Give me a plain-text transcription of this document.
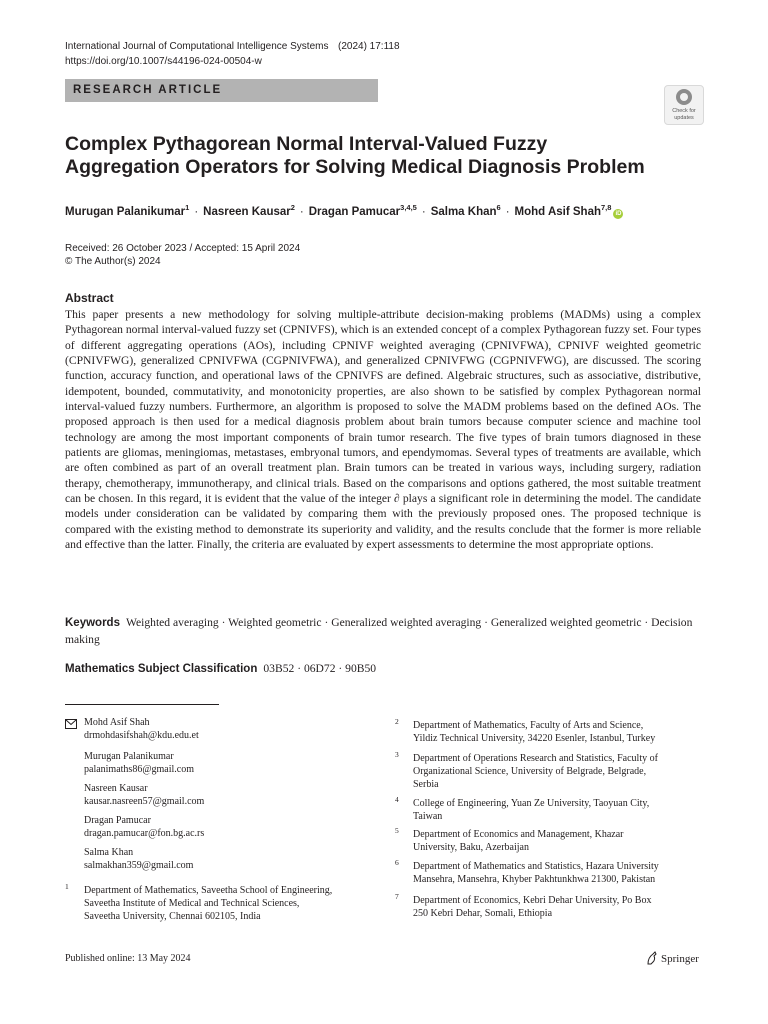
International Journal of Computational Intelligence Systems (2024) 17:118
https://doi.org/10.1007/s44196-024-00504-w
RESEARCH ARTICLE
Check for
updates
Complex Pythagorean Normal Interval-Valued Fuzzy Aggregation Operators for Solving Medical Diagnosis Problem
Murugan Palanikumar$^1$ · Nasreen Kausar$^2$ · Dragan Pamucar$^{3,4,5}$ · Salma Khan$^6$ · Mohd Asif Shah$^{7,8}$iD
Received: 26 October 2023 / Accepted: 15 April 2024
© The Author(s) 2024
Abstract
This paper presents a new methodology for solving multiple-attribute decision-making problems (MADMs) using a complex Pythagorean normal interval-valued fuzzy set (CPNIVFS), which is an extended concept of a complex Pythagorean fuzzy set. Four types of different aggregating operations (AOs), including CPNIVF weighted averaging (CPNIVFWA), CPNIVF weighted geometric (CPNIVFWG), generalized CPNIVFWA (CGPNIVFWA), and generalized CPNIVFWG (CGPNIVFWG), are discussed. The scoring function, accuracy function, and operational laws of the CPNIVFS are defined. Algebraic structures, such as associative, distributive, idempotent, bounded, commutativity, and monotonicity properties, are also shown to be satisfied by complex Pythagorean normal interval-valued fuzzy numbers. Furthermore, an algorithm is proposed to solve the MADM problems based on the defined AOs. The proposed approach is then used for a medical diagnosis problem about brain tumors because computer science and machine tool technology are among the most important components of brain tumor research. The five types of brain tumors diagnosed in these patients are gliomas, meningiomas, metastases, embryonal tumors, and ependymomas. Several types of treatments are available, which are often combined as part of an overall treatment plan. Brain tumors can be treated in various ways, including surgery, radiation therapy, chemotherapy, immunotherapy, and clinical trials. Based on the comparisons and options gathered, the most suitable treatment can be chosen. In this regard, it is evident that the value of the integer ∂ plays a significant role in determining the model. The candidate models under consideration can be validated by comparing them with the previously proposed ones. The proposed technique is compared with the existing method to demonstrate its superiority and validity, and the results conclude that the former is more reliable and effective than the latter. Finally, the criteria are evaluated by expert assessments to determine the most appropriate options.
Keywords Weighted averaging · Weighted geometric · Generalized weighted averaging · Generalized weighted geometric · Decision making
Mathematics Subject Classification 03B52 · 06D72 · 90B50
Mohd Asif Shah
drmohdasifshah@kdu.edu.et
Murugan Palanikumar
palanimaths86@gmail.com
Nasreen Kausar
kausar.nasreen57@gmail.com
Dragan Pamucar
dragan.pamucar@fon.bg.ac.rs
Salma Khan
salmakhan359@gmail.com
1 Department of Mathematics, Saveetha School of Engineering,
Saveetha Institute of Medical and Technical Sciences,
Saveetha University, Chennai 602105, India
2 Department of Mathematics, Faculty of Arts and Science,
Yildiz Technical University, 34220 Esenler, Istanbul, Turkey
3 Department of Operations Research and Statistics, Faculty of
Organizational Science, University of Belgrade, Belgrade,
Serbia
4 College of Engineering, Yuan Ze University, Taoyuan City,
Taiwan
5 Department of Economics and Management, Khazar
University, Baku, Azerbaijan
6 Department of Mathematics and Statistics, Hazara University
Mansehra, Mansehra, Khyber Pakhtunkhwa 21300, Pakistan
7 Department of Economics, Kebri Dehar University, Po Box
250 Kebri Dehar, Somali, Ethiopia
Published online: 13 May 2024	Springer
